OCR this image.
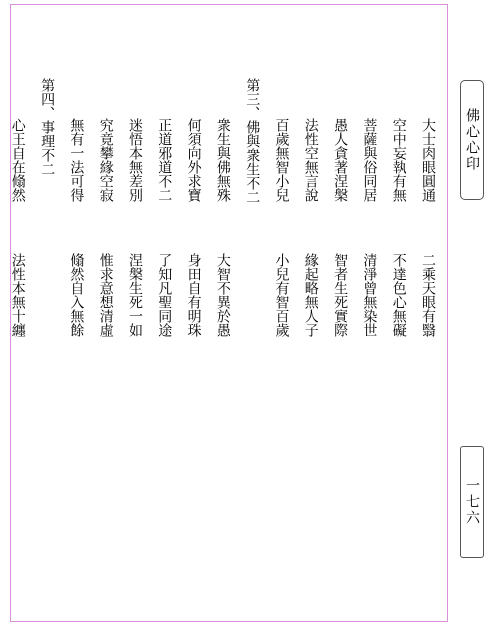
大士肉眼圓通
二乘天眼有翳
空中妄執有無
不達色心無礙
菩薩與俗同居
清淨曾無染世
愚人貪著涅槃
智者生死實際
法性空無言說
緣起略無人子
百歲無智小兒
小兒有智百歲
第三、佛與衆生不二
衆生與佛無殊
大智不異於愚
何須向外求寶
身田自有明珠
正道邪道不二
了知凡聖同途
迷悟本無差別
涅槃生死一如
究竟攀緣空寂
惟求意想清虛
無有一法可得
翛然自入無餘
第四、事理不二
心王自在翛然
法性本無十纏
佛心心印
一七六
